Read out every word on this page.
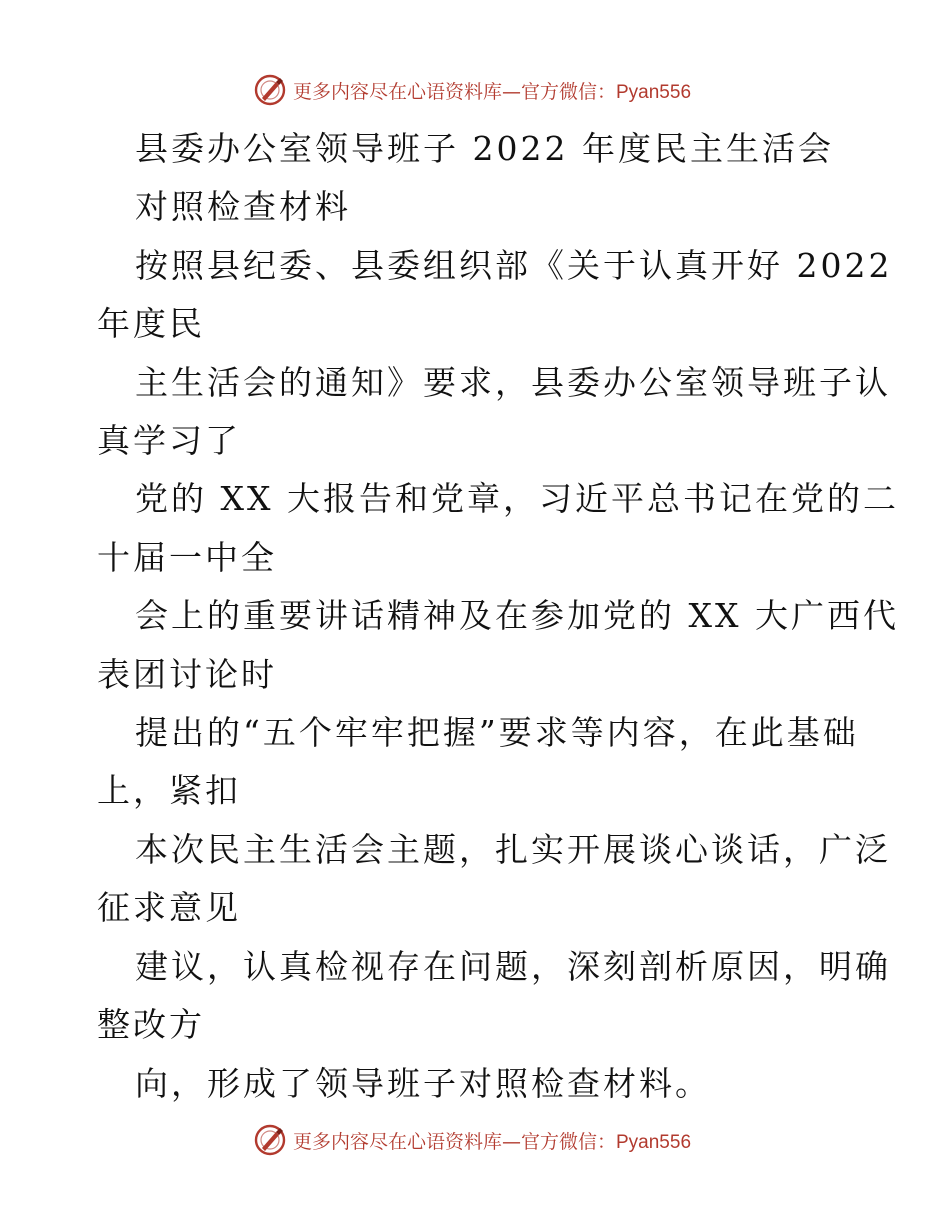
更多内容尽在心语资料库—官方微信：Pyan556

县委办公室领导班子 2022 年度民主生活会

对照检查材料

按照县纪委、县委组织部《关于认真开好 2022

年度民

主生活会的通知》要求，县委办公室领导班子认

真学习了

党的 XX 大报告和党章，习近平总书记在党的二

十届一中全

会上的重要讲话精神及在参加党的 XX 大广西代

表团讨论时

提出的“五个牢牢把握”要求等内容，在此基础

上，紧扣

本次民主生活会主题，扎实开展谈心谈话，广泛

征求意见

建议，认真检视存在问题，深刻剖析原因，明确

整改方

向，形成了领导班子对照检查材料。

更多内容尽在心语资料库—官方微信：Pyan556
